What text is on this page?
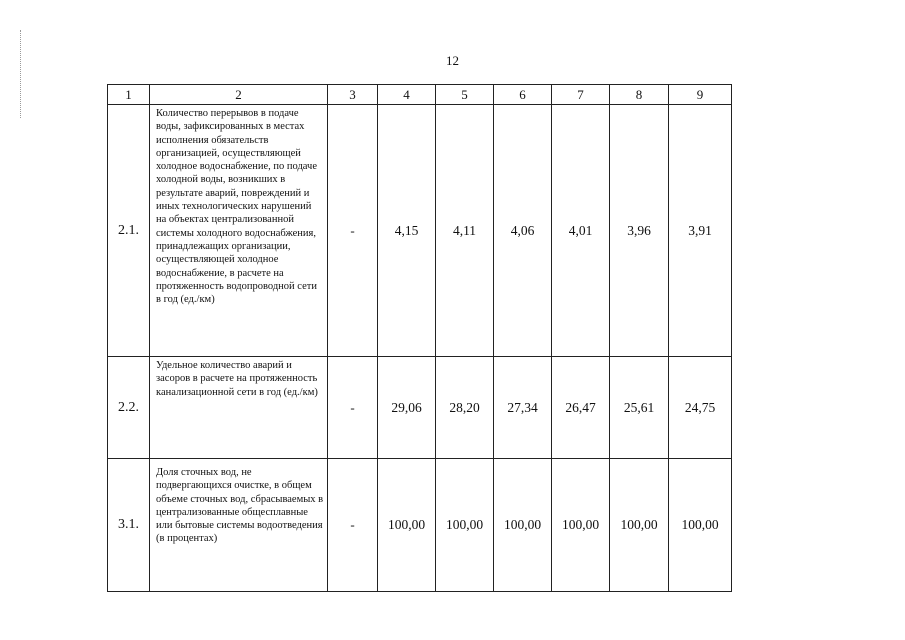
12
1	2	3	4	5	6	7	8	9
2.1.	Количество перерывов в подаче воды, зафиксированных в местах исполнения обязательств организацией, осуществляющей холодное водоснабжение, по подаче холодной воды, возникших в результате аварий, повреждений и иных технологических нарушений на объектах централизованной системы холодного водоснабжения, принадлежащих организации, осуществляющей холодное водоснабжение, в расчете на протяженность водопроводной сети в год (ед./км)	-	4,15	4,11	4,06	4,01	3,96	3,91
2.2.	Удельное количество аварий и засоров в расчете на протяженность канализационной сети в год (ед./км)	-	29,06	28,20	27,34	26,47	25,61	24,75
3.1.	Доля сточных вод, не подвергающихся очистке, в общем объеме сточных вод, сбрасываемых в централизованные общесплавные или бытовые системы водоотведения (в процентах)	-	100,00	100,00	100,00	100,00	100,00	100,00
